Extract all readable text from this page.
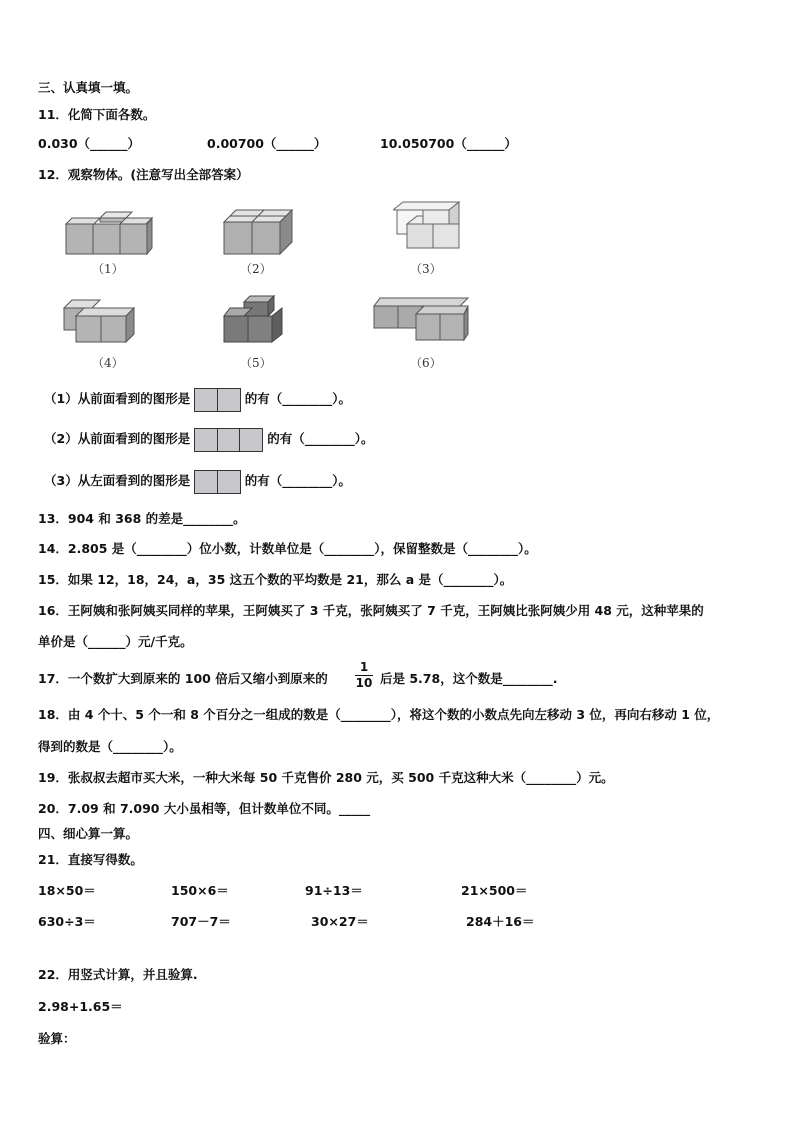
三、认真填一填。
11．化简下面各数。
0.030（______）	0.00700（______）	10.050700（______）
12．观察物体。(注意写出全部答案）
（1）	（2）	（3）
（4）	（5）	（6）
（1）从前面看到的图形是	的有（________）。
（2）从前面看到的图形是	的有（________）。
（3）从左面看到的图形是	的有（________）。
13．904 和 368 的差是________。
14．2.805 是（________）位小数，计数单位是（________），保留整数是（________）。
15．如果 12，18，24，a，35 这五个数的平均数是 21，那么 a 是（________）。
16．王阿姨和张阿姨买同样的苹果，王阿姨买了 3 千克，张阿姨买了 7 千克，王阿姨比张阿姨少用 48 元，这种苹果的
单价是（______）元/千克。
17．一个数扩大到原来的 100 倍后又缩小到原来的
1
10 后是 5.78，这个数是________.
18．由 4 个十、5 个一和 8 个百分之一组成的数是（________），将这个数的小数点先向左移动 3 位，再向右移动 1 位，
得到的数是（________）。
19．张叔叔去超市买大米，一种大米每 50 千克售价 280 元，买 500 千克这种大米（________）元。
20．7.09 和 7.090 大小虽相等，但计数单位不同。_____
四、细心算一算。
21．直接写得数。
18×50＝	150×6＝	91÷13＝	21×500＝
630÷3＝	707－7＝	30×27＝	284＋16＝
22．用竖式计算，并且验算.
2.98+1.65＝
验算：
